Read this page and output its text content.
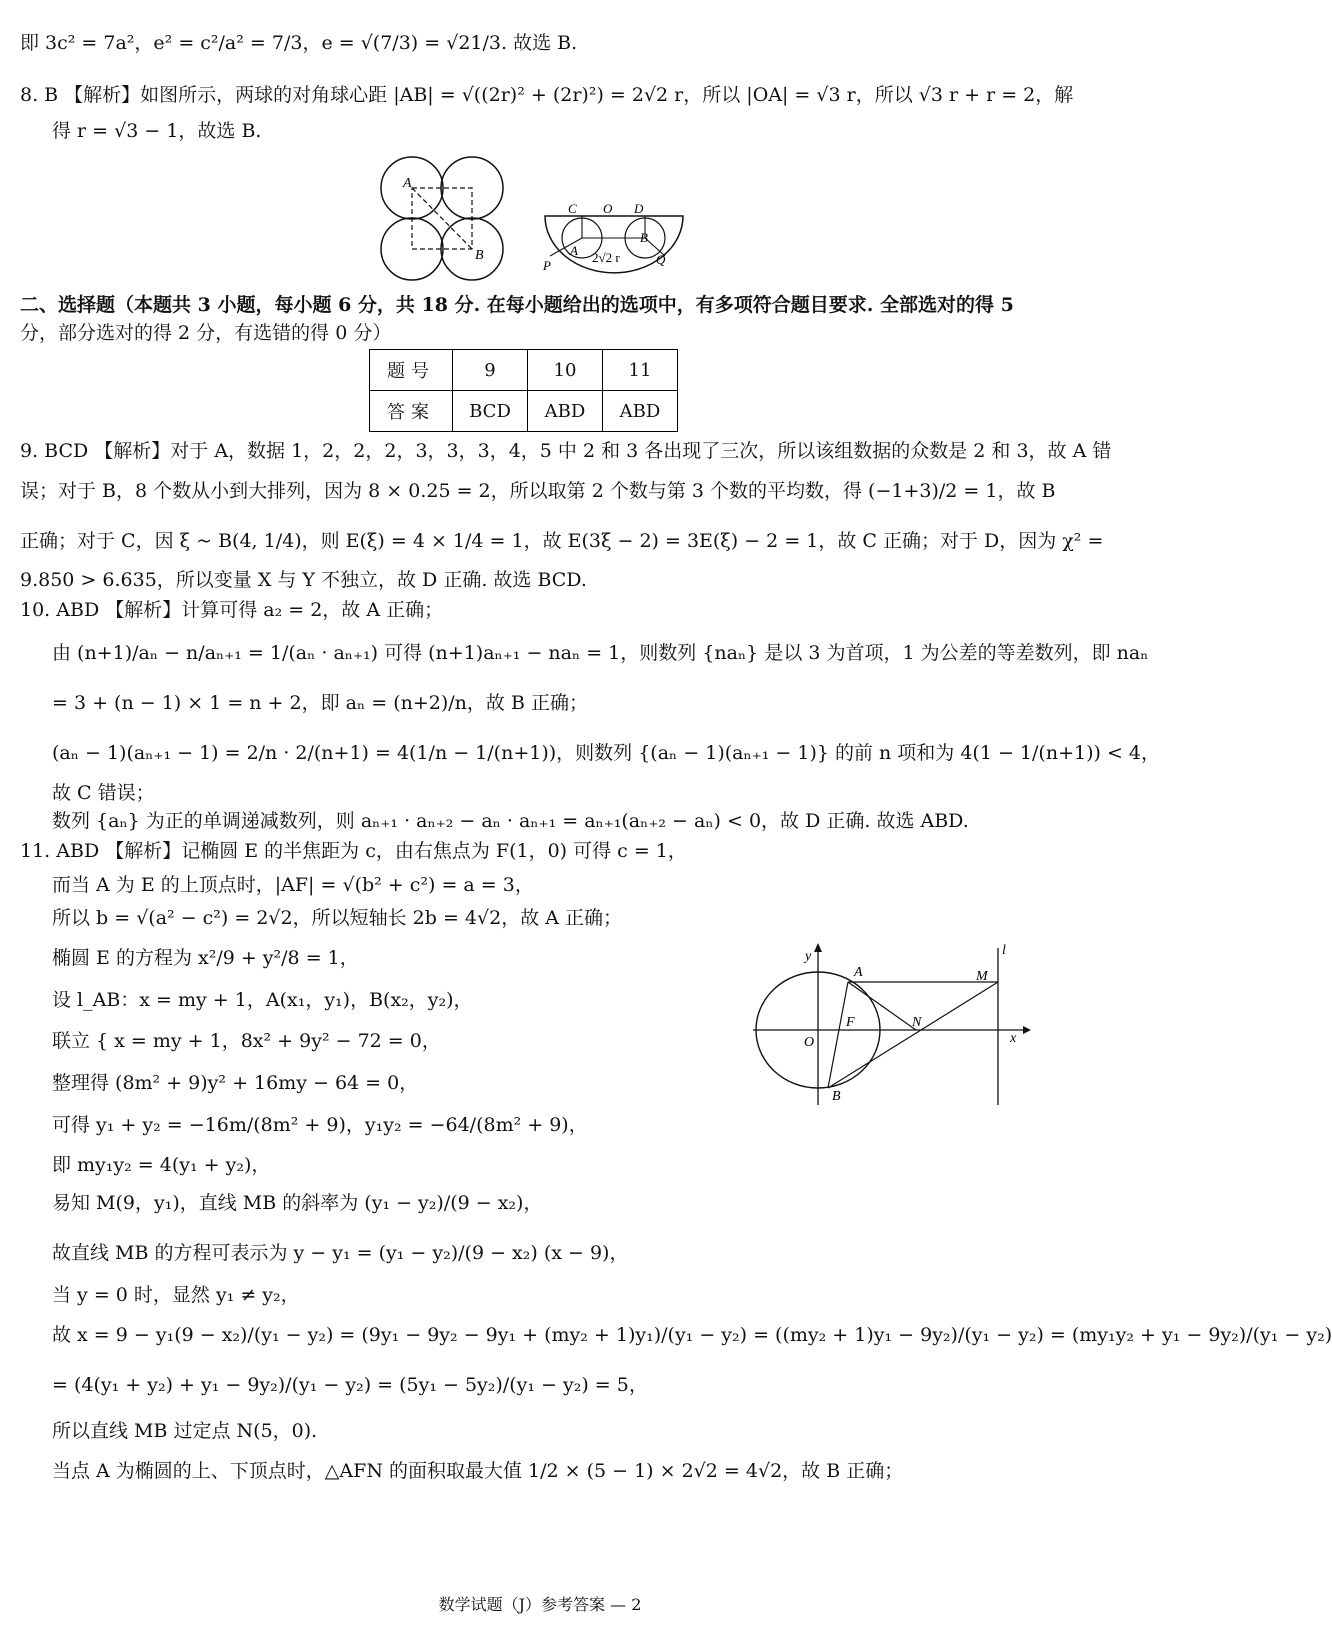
即 3c² = 7a²，e² = c²/a² = 7/3，e = √(7/3) = √21/3. 故选 B.
8. B 【解析】如图所示，两球的对角球心距 |AB| = √((2r)² + (2r)²) = 2√2 r，所以 |OA| = √3 r，所以 √3 r + r = 2，解
得 r = √3 − 1，故选 B.
A
B
C O D
A
B
P	Q
2√2 r
二、选择题（本题共 3 小题，每小题 6 分，共 18 分. 在每小题给出的选项中，有多项符合题目要求. 全部选对的得 5
分，部分选对的得 2 分，有选错的得 0 分）
题号	9	10	11
答案	BCD	ABD	ABD
9. BCD 【解析】对于 A，数据 1，2，2，2，3，3，3，4，5 中 2 和 3 各出现了三次，所以该组数据的众数是 2 和 3，故 A 错
误；对于 B，8 个数从小到大排列，因为 8 × 0.25 = 2，所以取第 2 个数与第 3 个数的平均数，得 (−1+3)/2 = 1，故 B
正确；对于 C，因 ξ ~ B(4, 1/4)，则 E(ξ) = 4 × 1/4 = 1，故 E(3ξ − 2) = 3E(ξ) − 2 = 1，故 C 正确；对于 D，因为 χ² =
9.850 > 6.635，所以变量 X 与 Y 不独立，故 D 正确. 故选 BCD.
10. ABD 【解析】计算可得 a₂ = 2，故 A 正确；
由 (n+1)/aₙ − n/aₙ₊₁ = 1/(aₙ · aₙ₊₁) 可得 (n+1)aₙ₊₁ − naₙ = 1，则数列 {naₙ} 是以 3 为首项，1 为公差的等差数列，即 naₙ
= 3 + (n − 1) × 1 = n + 2，即 aₙ = (n+2)/n，故 B 正确；
(aₙ − 1)(aₙ₊₁ − 1) = 2/n · 2/(n+1) = 4(1/n − 1/(n+1))，则数列 {(aₙ − 1)(aₙ₊₁ − 1)} 的前 n 项和为 4(1 − 1/(n+1)) < 4，
故 C 错误；
数列 {aₙ} 为正的单调递减数列，则 aₙ₊₁ · aₙ₊₂ − aₙ · aₙ₊₁ = aₙ₊₁(aₙ₊₂ − aₙ) < 0，故 D 正确. 故选 ABD.
11. ABD 【解析】记椭圆 E 的半焦距为 c，由右焦点为 F(1，0) 可得 c = 1，
而当 A 为 E 的上顶点时，|AF| = √(b² + c²) = a = 3，
所以 b = √(a² − c²) = 2√2，所以短轴长 2b = 4√2，故 A 正确；
椭圆 E 的方程为 x²/9 + y²/8 = 1，
设 l_AB：x = my + 1，A(x₁，y₁)，B(x₂，y₂)，
联立 { x = my + 1，8x² + 9y² − 72 = 0，
整理得 (8m² + 9)y² + 16my − 64 = 0，
可得 y₁ + y₂ = −16m/(8m² + 9)，y₁y₂ = −64/(8m² + 9)，
即 my₁y₂ = 4(y₁ + y₂)，
易知 M(9，y₁)，直线 MB 的斜率为 (y₁ − y₂)/(9 − x₂)，
故直线 MB 的方程可表示为 y − y₁ = (y₁ − y₂)/(9 − x₂) (x − 9)，
当 y = 0 时，显然 y₁ ≠ y₂，
故 x = 9 − y₁(9 − x₂)/(y₁ − y₂) = (9y₁ − 9y₂ − 9y₁ + (my₂ + 1)y₁)/(y₁ − y₂) = ((my₂ + 1)y₁ − 9y₂)/(y₁ − y₂) = (my₁y₂ + y₁ − 9y₂)/(y₁ − y₂)
= (4(y₁ + y₂) + y₁ − 9y₂)/(y₁ − y₂) = (5y₁ − 5y₂)/(y₁ − y₂) = 5，
所以直线 MB 过定点 N(5，0).
当点 A 为椭圆的上、下顶点时，△AFN 的面积取最大值 1/2 × (5 − 1) × 2√2 = 4√2，故 B 正确；
y	l
A	M
F	N
O	x
B
数学试题（J）参考答案 — 2
